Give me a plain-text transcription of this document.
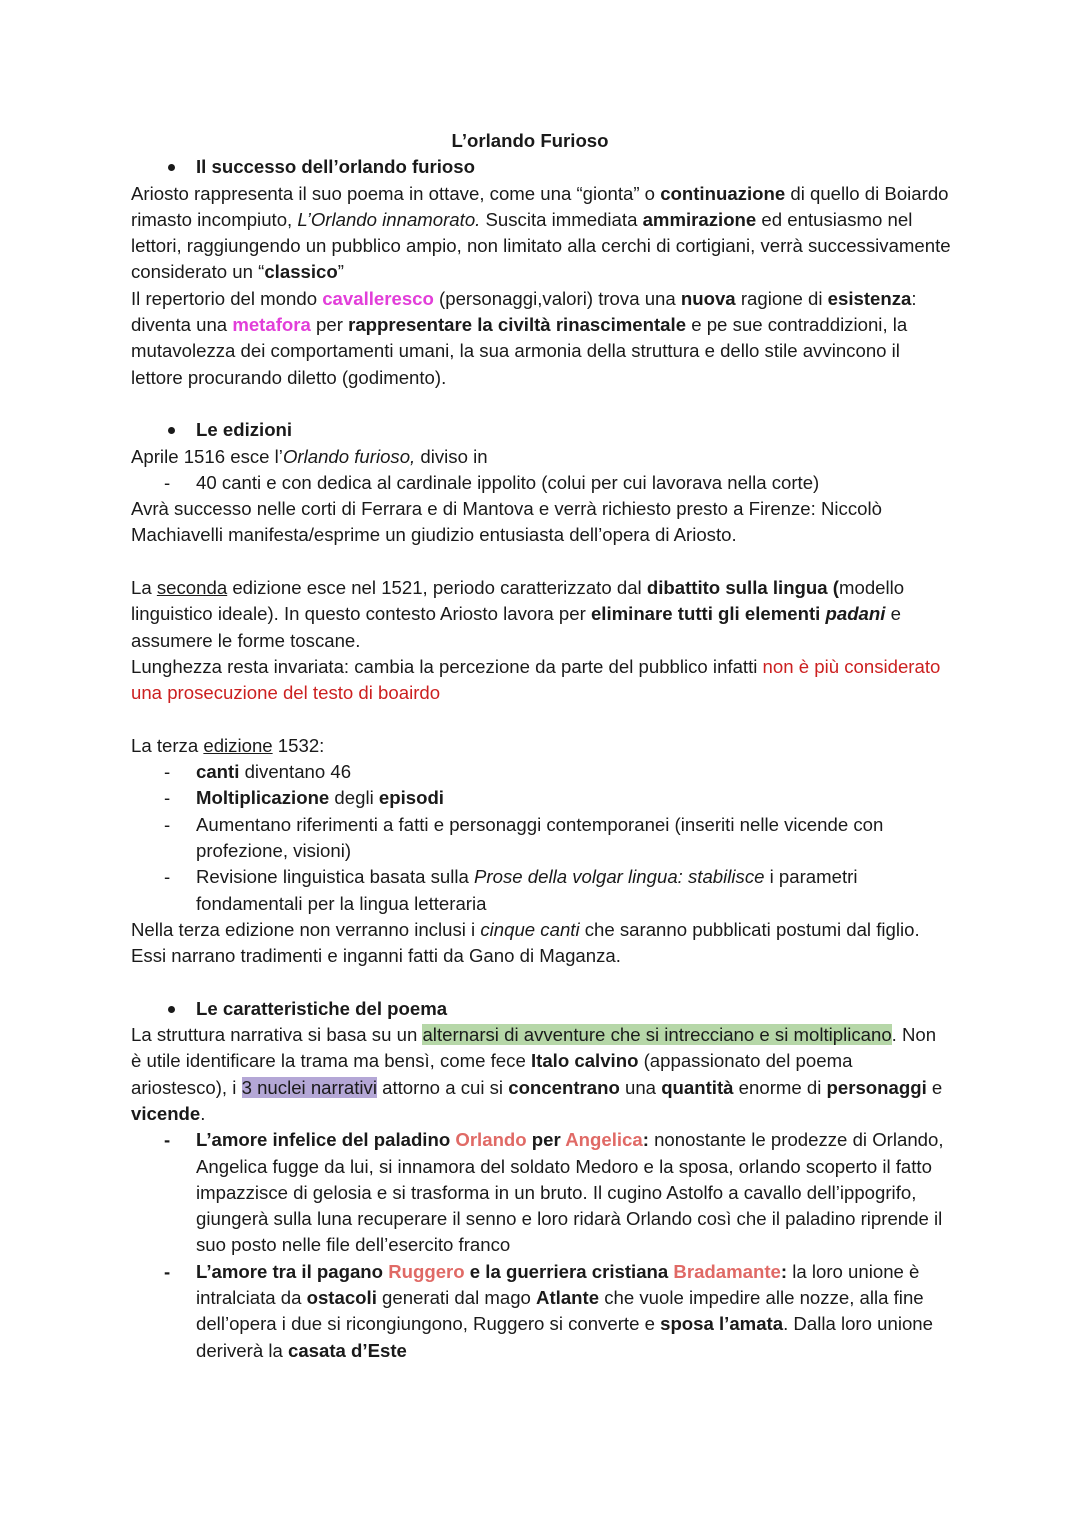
L’orlando Furioso
Il successo dell’orlando furioso

Ariosto rappresenta il suo poema in ottave, come una “gionta” o continuazione di quello di Boiardo rimasto incompiuto, L’Orlando innamorato. Suscita immediata ammirazione ed entusiasmo nel lettori, raggiungendo un pubblico ampio, non limitato alla cerchi di cortigiani, verrà successivamente considerato un “classico”

Il repertorio del mondo cavalleresco (personaggi,valori) trova una nuova ragione di esistenza: diventa una metafora per rappresentare la civiltà rinascimentale e pe sue contraddizioni, la mutavolezza dei comportamenti umani, la sua armonia della struttura e dello stile avvincono il lettore procurando diletto (godimento).

Le edizioni

Aprile 1516 esce l’Orlando furioso, diviso in

- 40 canti e con dedica al cardinale ippolito (colui per cui lavorava nella corte)

Avrà successo nelle corti di Ferrara e di Mantova e verrà richiesto presto a Firenze: Niccolò Machiavelli manifesta/esprime un giudizio entusiasta dell’opera di Ariosto.

La seconda edizione esce nel 1521, periodo caratterizzato dal dibattito sulla lingua (modello linguistico ideale). In questo contesto Ariosto lavora per eliminare tutti gli elementi padani e assumere le forme toscane.

Lunghezza resta invariata: cambia la percezione da parte del pubblico infatti non è più considerato una prosecuzione del testo di boairdo

La terza edizione 1532:

- canti diventano 46
- Moltiplicazione degli episodi
- Aumentano riferimenti a fatti e personaggi contemporanei (inseriti nelle vicende con profezione, visioni)
- Revisione linguistica basata sulla Prose della volgar lingua: stabilisce i parametri fondamentali per la lingua letteraria

Nella terza edizione non verranno inclusi i cinque canti che saranno pubblicati postumi dal figlio. Essi narrano tradimenti e inganni fatti da Gano di Maganza.

Le caratteristiche del poema

La struttura narrativa si basa su un alternarsi di avventure che si intrecciano e si moltiplicano. Non è utile identificare la trama ma bensì, come fece Italo calvino (appassionato del poema ariostesco), i 3 nuclei narrativi attorno a cui si concentrano una quantità enorme di personaggi e vicende.

- L’amore infelice del paladino Orlando per Angelica: nonostante le prodezze di Orlando, Angelica fugge da lui, si innamora del soldato Medoro e la sposa, orlando scoperto il fatto impazzisce di gelosia e si trasforma in un bruto. Il cugino Astolfo a cavallo dell’ippogrifo, giungerà sulla luna recuperare il senno e loro ridarà Orlando così che il paladino riprende il suo posto nelle file dell’esercito franco
- L’amore tra il pagano Ruggero e la guerriera cristiana Bradamante: la loro unione è intralciata da ostacoli generati dal mago Atlante che vuole impedire alle nozze, alla fine dell’opera i due si ricongiungono, Ruggero si converte e sposa l’amata. Dalla loro unione deriverà la casata d’Este
